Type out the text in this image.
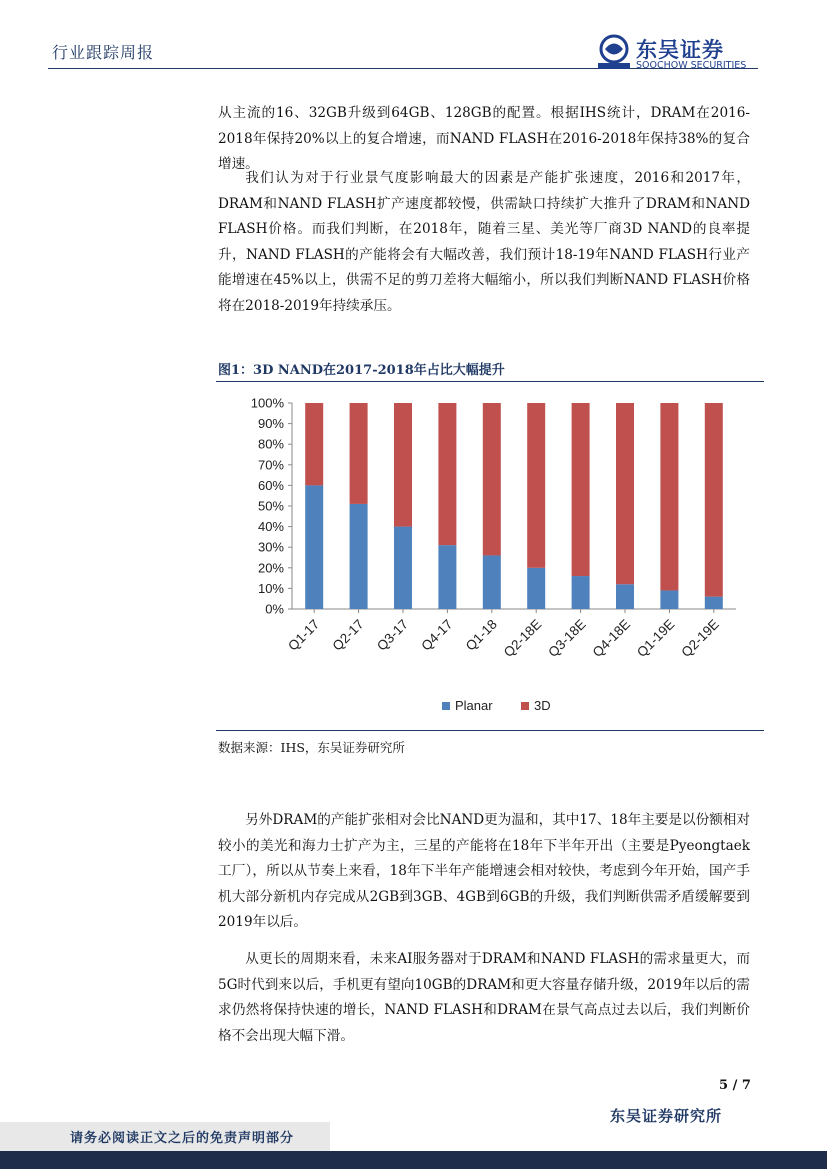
行业跟踪周报	东吴证券
SOOCHOW SECURITIES

从主流的16、32GB升级到64GB、128GB的配置。根据IHS统计，DRAM在2016-2018年保持20%以上的复合增速，而NAND FLASH在2016-2018年保持38%的复合增速。

我们认为对于行业景气度影响最大的因素是产能扩张速度，2016和2017年，DRAM和NAND FLASH扩产速度都较慢，供需缺口持续扩大推升了DRAM和NAND FLASH价格。而我们判断，在2018年，随着三星、美光等厂商3D NAND的良率提升，NAND FLASH的产能将会有大幅改善，我们预计18-19年NAND FLASH行业产能增速在45%以上，供需不足的剪刀差将大幅缩小，所以我们判断NAND FLASH价格将在2018-2019年持续承压。

图1：3D NAND在2017-2018年占比大幅提升
0%
10%
20%
30%
40%
50%
60%
70%
80%
90%
100%
Q1-17 Q2-17 Q3-17 Q4-17 Q1-18 Q2-18E Q3-18E Q4-18E Q1-19E Q2-19E
Planar	3D
数据来源：IHS，东吴证券研究所

另外DRAM的产能扩张相对会比NAND更为温和，其中17、18年主要是以份额相对较小的美光和海力士扩产为主，三星的产能将在18年下半年开出（主要是Pyeongtaek工厂），所以从节奏上来看，18年下半年产能增速会相对较快，考虑到今年开始，国产手机大部分新机内存完成从2GB到3GB、4GB到6GB的升级，我们判断供需矛盾缓解要到2019年以后。

从更长的周期来看，未来AI服务器对于DRAM和NAND FLASH的需求量更大，而5G时代到来以后，手机更有望向10GB的DRAM和更大容量存储升级，2019年以后的需求仍然将保持快速的增长，NAND FLASH和DRAM在景气高点过去以后，我们判断价格不会出现大幅下滑。

5 / 7
东吴证券研究所
请务必阅读正文之后的免责声明部分
